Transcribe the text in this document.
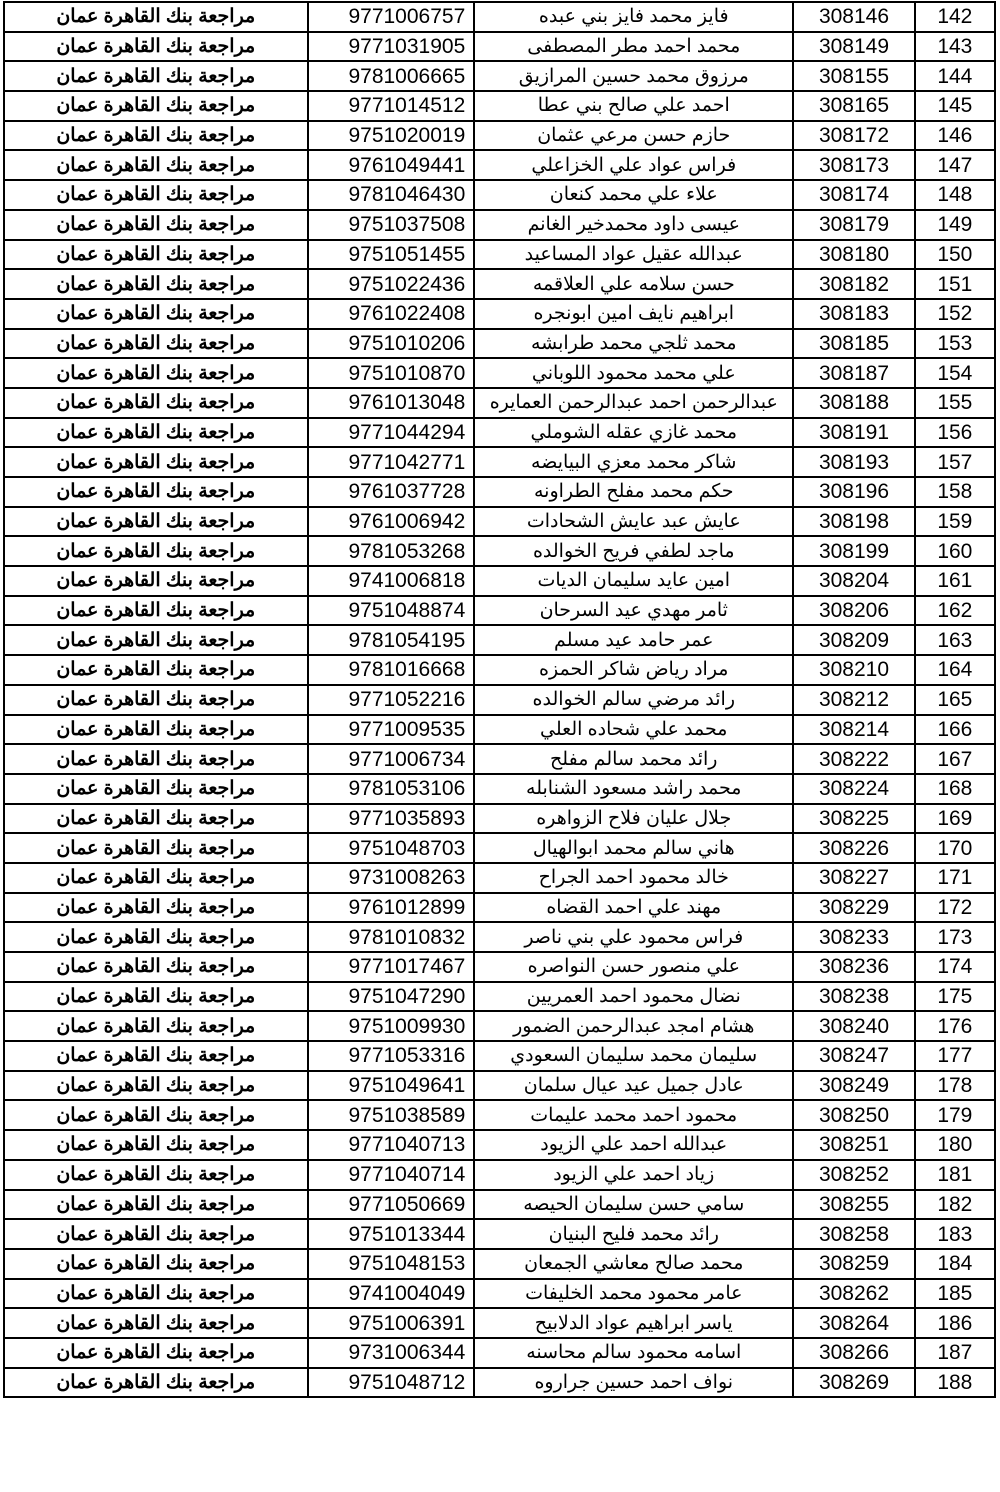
مراجعة بنك القاهرة عمان	9771006757	فايز محمد فايز بني عبده	308146	142
مراجعة بنك القاهرة عمان	9771031905	محمد احمد مطر المصطفى	308149	143
مراجعة بنك القاهرة عمان	9781006665	مرزوق محمد حسين المرازيق	308155	144
مراجعة بنك القاهرة عمان	9771014512	احمد علي صالح بني عطا	308165	145
مراجعة بنك القاهرة عمان	9751020019	حازم حسن مرعي عثمان	308172	146
مراجعة بنك القاهرة عمان	9761049441	فراس عواد علي الخزاعلي	308173	147
مراجعة بنك القاهرة عمان	9781046430	علاء علي محمد كنعان	308174	148
مراجعة بنك القاهرة عمان	9751037508	عيسى داود محمدخير الغانم	308179	149
مراجعة بنك القاهرة عمان	9751051455	عبدالله عقيل عواد المساعيد	308180	150
مراجعة بنك القاهرة عمان	9751022436	حسن سلامه علي العلاقمه	308182	151
مراجعة بنك القاهرة عمان	9761022408	ابراهيم نايف امين ابونجره	308183	152
مراجعة بنك القاهرة عمان	9751010206	محمد ثلجي محمد طرابشه	308185	153
مراجعة بنك القاهرة عمان	9751010870	علي محمد محمود اللوباني	308187	154
مراجعة بنك القاهرة عمان	9761013048	عبدالرحمن احمد عبدالرحمن العمايره	308188	155
مراجعة بنك القاهرة عمان	9771044294	محمد غازي عقله الشوملي	308191	156
مراجعة بنك القاهرة عمان	9771042771	شاكر محمد معزي البيايضه	308193	157
مراجعة بنك القاهرة عمان	9761037728	حكم محمد مفلح الطراونه	308196	158
مراجعة بنك القاهرة عمان	9761006942	عايش عبد عايش الشحادات	308198	159
مراجعة بنك القاهرة عمان	9781053268	ماجد لطفي فريح الخوالده	308199	160
مراجعة بنك القاهرة عمان	9741006818	امين عايد سليمان الديات	308204	161
مراجعة بنك القاهرة عمان	9751048874	ثامر مهدي عيد السرحان	308206	162
مراجعة بنك القاهرة عمان	9781054195	عمر حامد عيد مسلم	308209	163
مراجعة بنك القاهرة عمان	9781016668	مراد رياض شاكر الحمزه	308210	164
مراجعة بنك القاهرة عمان	9771052216	رائد مرضي سالم الخوالده	308212	165
مراجعة بنك القاهرة عمان	9771009535	محمد علي شحاده العلي	308214	166
مراجعة بنك القاهرة عمان	9771006734	رائد محمد سالم مفلح	308222	167
مراجعة بنك القاهرة عمان	9781053106	محمد راشد مسعود الشنابله	308224	168
مراجعة بنك القاهرة عمان	9771035893	جلال عليان فلاح الزواهره	308225	169
مراجعة بنك القاهرة عمان	9751048703	هاني سالم محمد ابوالهيال	308226	170
مراجعة بنك القاهرة عمان	9731008263	خالد محمود احمد الجراح	308227	171
مراجعة بنك القاهرة عمان	9761012899	مهند علي احمد القضاه	308229	172
مراجعة بنك القاهرة عمان	9781010832	فراس محمود علي بني ناصر	308233	173
مراجعة بنك القاهرة عمان	9771017467	علي منصور حسن النواصره	308236	174
مراجعة بنك القاهرة عمان	9751047290	نضال محمود احمد العمريين	308238	175
مراجعة بنك القاهرة عمان	9751009930	هشام امجد عبدالرحمن الضمور	308240	176
مراجعة بنك القاهرة عمان	9771053316	سليمان محمد سليمان السعودي	308247	177
مراجعة بنك القاهرة عمان	9751049641	عادل جميل عيد عيال سلمان	308249	178
مراجعة بنك القاهرة عمان	9751038589	محمود احمد محمد عليمات	308250	179
مراجعة بنك القاهرة عمان	9771040713	عبدالله احمد علي الزيود	308251	180
مراجعة بنك القاهرة عمان	9771040714	زياد احمد علي الزيود	308252	181
مراجعة بنك القاهرة عمان	9771050669	سامي حسن سليمان الحيصه	308255	182
مراجعة بنك القاهرة عمان	9751013344	رائد محمد فليح البنيان	308258	183
مراجعة بنك القاهرة عمان	9751048153	محمد صالح معاشي الجمعان	308259	184
مراجعة بنك القاهرة عمان	9741004049	عامر محمود محمد الخليفات	308262	185
مراجعة بنك القاهرة عمان	9751006391	ياسر ابراهيم عواد الدلابيح	308264	186
مراجعة بنك القاهرة عمان	9731006344	اسامه محمود سالم محاسنه	308266	187
مراجعة بنك القاهرة عمان	9751048712	نواف احمد حسين جراروه	308269	188
